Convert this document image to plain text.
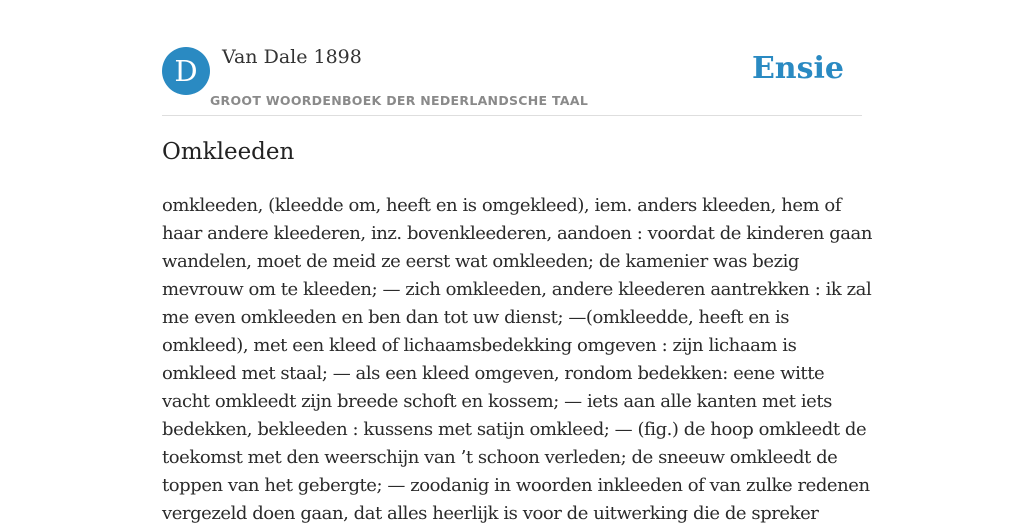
D	Van Dale 1898
GROOT WOORDENBOEK DER NEDERLANDSCHE TAAL
Ensie
Omkleeden
omkleeden, (kleedde om, heeft en is omgekleed), iem. anders kleeden, hem of
haar andere kleederen, inz. bovenkleederen, aandoen : voordat de kinderen gaan
wandelen, moet de meid ze eerst wat omkleeden; de kamenier was bezig
mevrouw om te kleeden; — zich omkleeden, andere kleederen aantrekken : ik zal
me even omkleeden en ben dan tot uw dienst; —(omkleedde, heeft en is
omkleed), met een kleed of lichaamsbedekking omgeven : zijn lichaam is
omkleed met staal; — als een kleed omgeven, rondom bedekken: eene witte
vacht omkleedt zijn breede schoft en kossem; — iets aan alle kanten met iets
bedekken, bekleeden : kussens met satijn omkleed; — (fig.) de hoop omkleedt de
toekomst met den weerschijn van ’t schoon verleden; de sneeuw omkleedt de
toppen van het gebergte; — zoodanig in woorden inkleeden of van zulke redenen
vergezeld doen gaan, dat alles heerlijk is voor de uitwerking die de spreker
